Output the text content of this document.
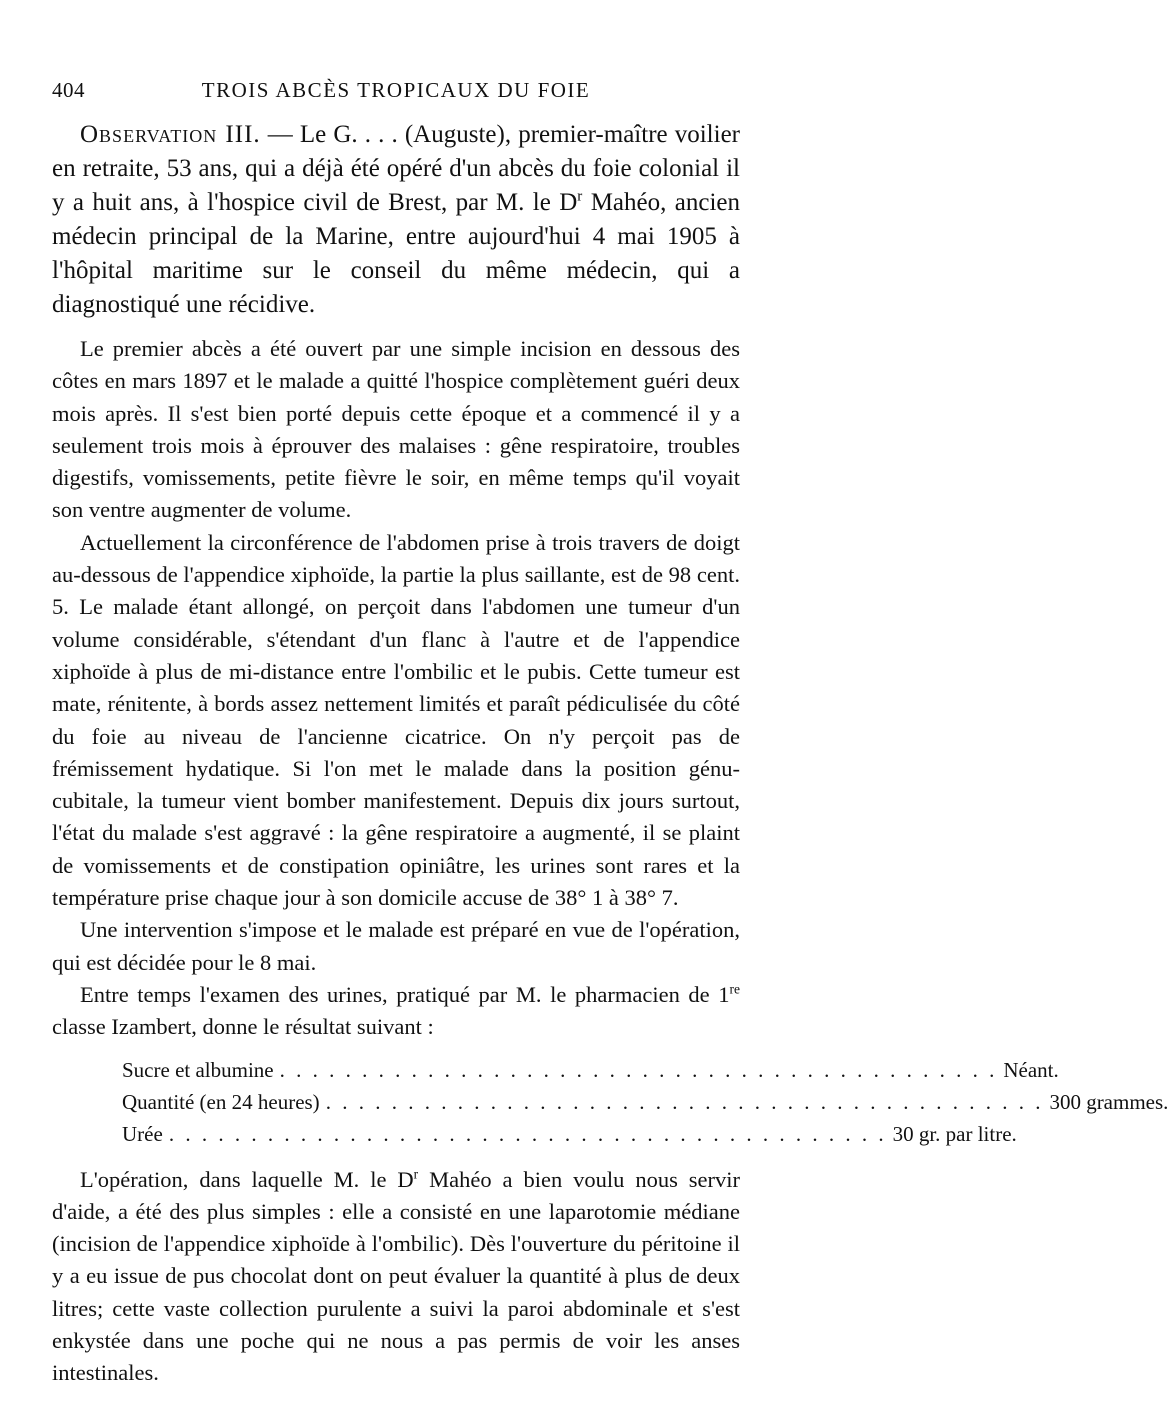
404	TROIS ABCÈS TROPICAUX DU FOIE

Observation III. — Le G. . . . (Auguste), premier-maître voilier en retraite, 53 ans, qui a déjà été opéré d'un abcès du foie colonial il y a huit ans, à l'hospice civil de Brest, par M. le $D^r$ Mahéo, ancien médecin principal de la Marine, entre aujourd'hui 4 mai 1905 à l'hôpital maritime sur le conseil du même médecin, qui a diagnostiqué une récidive.

Le premier abcès a été ouvert par une simple incision en dessous des côtes en mars 1897 et le malade a quitté l'hospice complètement guéri deux mois après. Il s'est bien porté depuis cette époque et a commencé il y a seulement trois mois à éprouver des malaises : gêne respiratoire, troubles digestifs, vomissements, petite fièvre le soir, en même temps qu'il voyait son ventre augmenter de volume.

Actuellement la circonférence de l'abdomen prise à trois travers de doigt au-dessous de l'appendice xiphoïde, la partie la plus saillante, est de 98 cent. 5. Le malade étant allongé, on perçoit dans l'abdomen une tumeur d'un volume considérable, s'étendant d'un flanc à l'autre et de l'appendice xiphoïde à plus de mi-distance entre l'ombilic et le pubis. Cette tumeur est mate, rénitente, à bords assez nettement limités et paraît pédiculisée du côté du foie au niveau de l'ancienne cicatrice. On n'y perçoit pas de frémissement hydatique. Si l'on met le malade dans la position génu-cubitale, la tumeur vient bomber manifestement. Depuis dix jours surtout, l'état du malade s'est aggravé : la gêne respiratoire a augmenté, il se plaint de vomissements et de constipation opiniâtre, les urines sont rares et la température prise chaque jour à son domicile accuse de 38° 1 à 38° 7.

Une intervention s'impose et le malade est préparé en vue de l'opération, qui est décidée pour le 8 mai.

Entre temps l'examen des urines, pratiqué par M. le pharmacien de 1re classe Izambert, donne le résultat suivant :

Sucre et albumine . . . . . . . . . . . . . . . . . . . . . . . . . . . . . . . . . . . . . . . . . . . . Néant.
Quantité (en 24 heures) . . . . . . . . . . . . . . . . . . . . . . . . . . . . . . . . . . . . . . . . . . . . 300 grammes.
Urée . . . . . . . . . . . . . . . . . . . . . . . . . . . . . . . . . . . . . . . . . . . . 30 gr. par litre.

L'opération, dans laquelle M. le $D^r$ Mahéo a bien voulu nous servir d'aide, a été des plus simples : elle a consisté en une laparotomie médiane (incision de l'appendice xiphoïde à l'ombilic). Dès l'ouverture du péritoine il y a eu issue de pus chocolat dont on peut évaluer la quantité à plus de deux litres; cette vaste collection purulente a suivi la paroi abdominale et s'est enkystée dans une poche qui ne nous a pas permis de voir les anses intestinales.
